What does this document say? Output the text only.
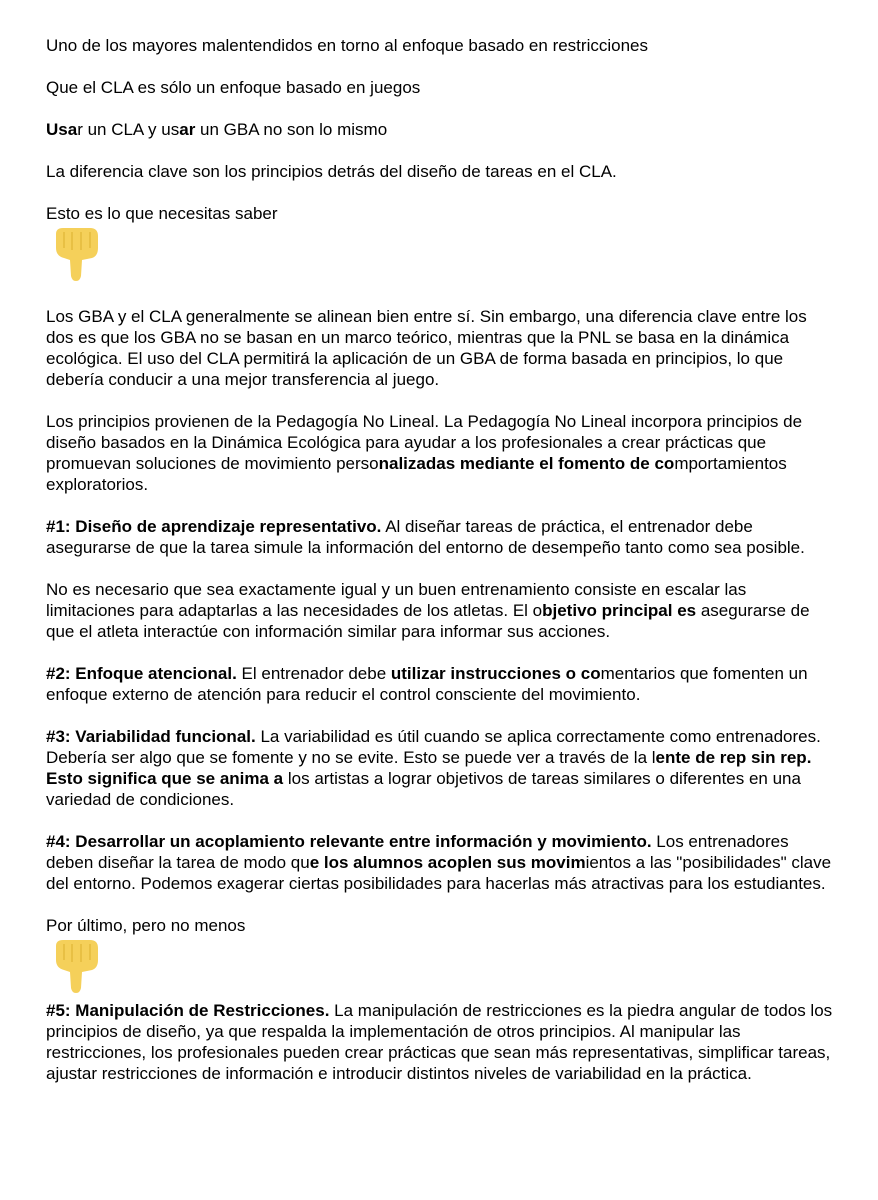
Uno de los mayores malentendidos en torno al enfoque basado en restricciones

Que el CLA es sólo un enfoque basado en juegos

Usar un CLA y usar un GBA no son lo mismo

La diferencia clave son los principios detrás del diseño de tareas en el CLA.

Esto es lo que necesitas saber

Los GBA y el CLA generalmente se alinean bien entre sí. Sin embargo, una diferencia clave entre los dos es que los GBA no se basan en un marco teórico, mientras que la PNL se basa en la dinámica ecológica. El uso del CLA permitirá la aplicación de un GBA de forma basada en principios, lo que debería conducir a una mejor transferencia al juego.

Los principios provienen de la Pedagogía No Lineal. La Pedagogía No Lineal incorpora principios de diseño basados en la Dinámica Ecológica para ayudar a los profesionales a crear prácticas que promuevan soluciones de movimiento personalizadas mediante el fomento de comportamientos exploratorios.

#1: Diseño de aprendizaje representativo. Al diseñar tareas de práctica, el entrenador debe asegurarse de que la tarea simule la información del entorno de desempeño tanto como sea posible.

No es necesario que sea exactamente igual y un buen entrenamiento consiste en escalar las limitaciones para adaptarlas a las necesidades de los atletas. El objetivo principal es asegurarse de que el atleta interactúe con información similar para informar sus acciones.

#2: Enfoque atencional. El entrenador debe utilizar instrucciones o comentarios que fomenten un enfoque externo de atención para reducir el control consciente del movimiento.

#3: Variabilidad funcional. La variabilidad es útil cuando se aplica correctamente como entrenadores. Debería ser algo que se fomente y no se evite. Esto se puede ver a través de la lente de rep sin rep. Esto significa que se anima a los artistas a lograr objetivos de tareas similares o diferentes en una variedad de condiciones.

#4: Desarrollar un acoplamiento relevante entre información y movimiento. Los entrenadores deben diseñar la tarea de modo que los alumnos acoplen sus movimientos a las "posibilidades" clave del entorno. Podemos exagerar ciertas posibilidades para hacerlas más atractivas para los estudiantes.

Por último, pero no menos

#5: Manipulación de Restricciones. La manipulación de restricciones es la piedra angular de todos los principios de diseño, ya que respalda la implementación de otros principios. Al manipular las restricciones, los profesionales pueden crear prácticas que sean más representativas, simplificar tareas, ajustar restricciones de información e introducir distintos niveles de variabilidad en la práctica.
